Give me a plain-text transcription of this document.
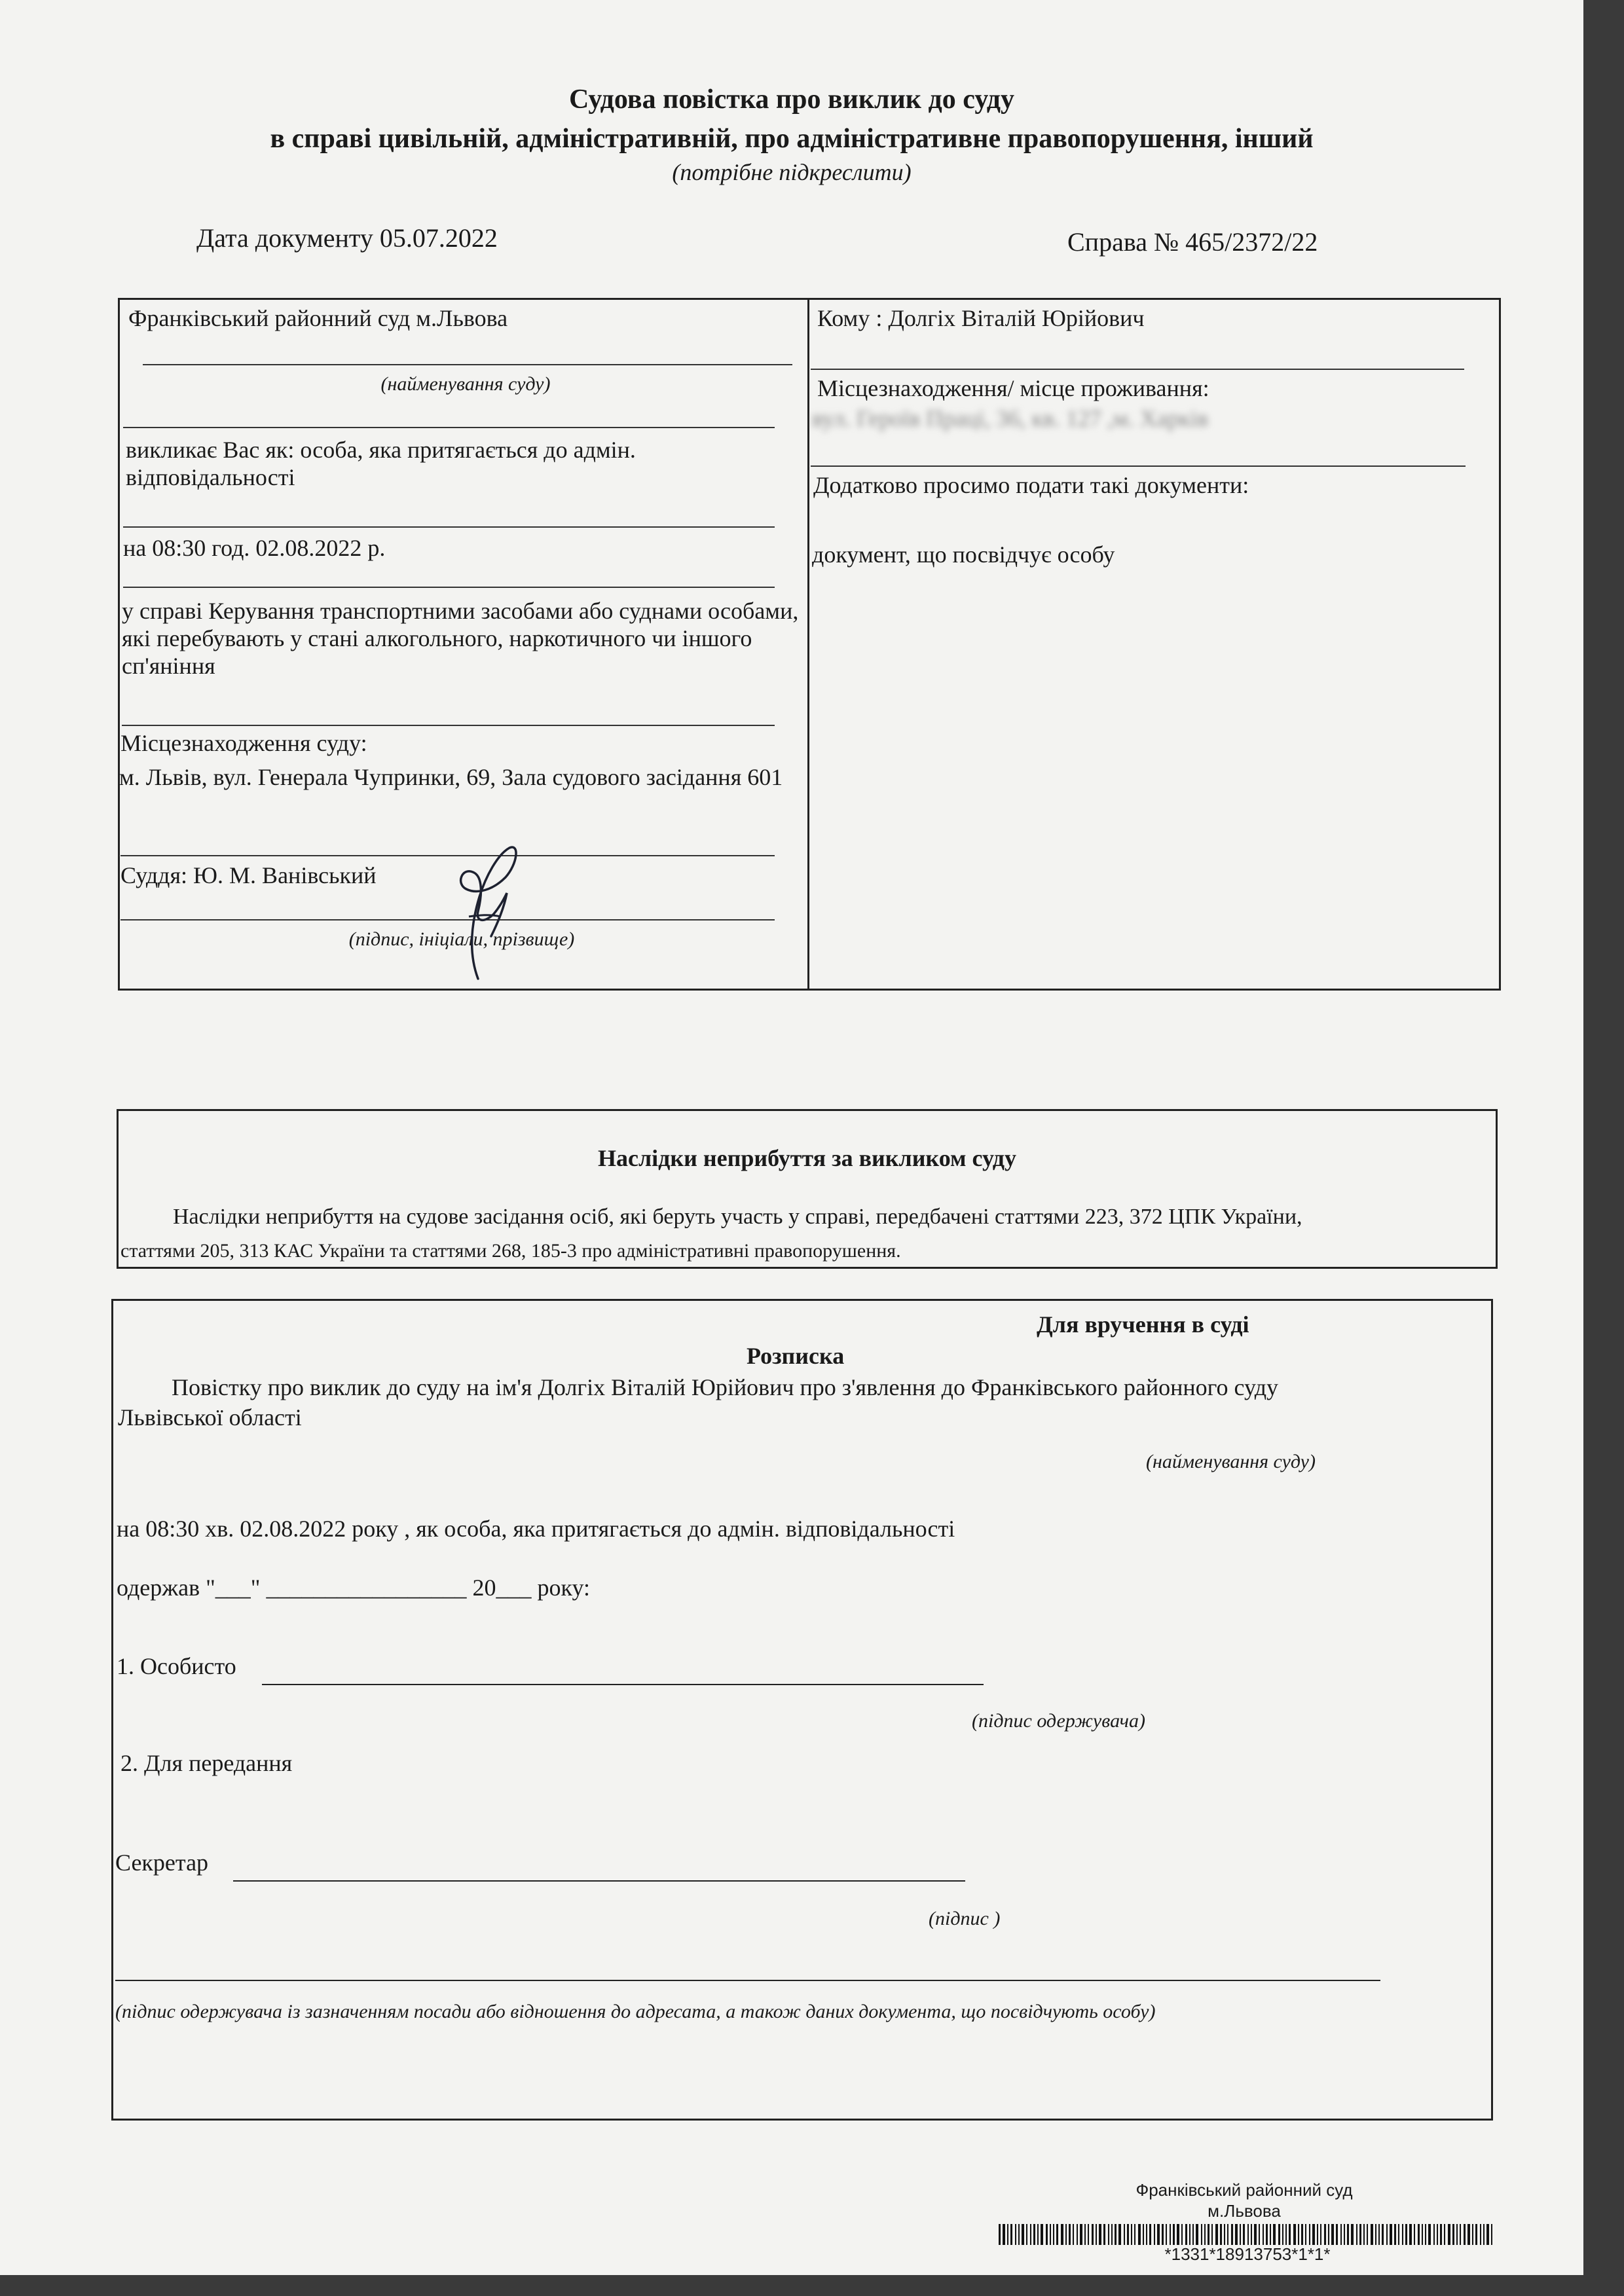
Судова повістка про виклик до суду
в справі цивільній, адміністративній, про адміністративне правопорушення, інший
(потрібне підкреслити)
Дата документу 05.07.2022	Справа № 465/2372/22
Франківський районний суд м.Львова
(найменування суду)
викликає Вас як: особа, яка притягається до адмін. відповідальності
на 08:30 год. 02.08.2022 р.
у справі Керування транспортними засобами або суднами особами, які перебувають у стані алкогольного, наркотичного чи іншого сп'яніння
Місцезнаходження суду:
м. Львів, вул. Генерала Чупринки, 69, Зала судового засідання 601
Суддя: Ю. М. Ванівський
(підпис, ініціали, прізвище)
Кому : Долгіх Віталій Юрійович
Місцезнаходження/ місце проживання:
вул. Героїв Праці, 36, кв. 127 ,м. Харків
Додатково просимо подати такі документи:
документ, що посвідчує особу
Наслідки неприбуття за викликом суду
Наслідки неприбуття на судове засідання осіб, які беруть участь у справі, передбачені статтями 223, 372 ЦПК України,
статтями 205, 313 КАС України та статтями 268, 185-3 про адміністративні правопорушення.
Для вручення в суді
Розписка
Повістку про виклик до суду на ім'я Долгіх Віталій Юрійович про з'явлення до Франківського районного суду
Львівської області
(найменування суду)
на 08:30 хв. 02.08.2022 року , як особа, яка притягається до адмін. відповідальності
одержав "___" _________________ 20___ року:
1. Особисто
(підпис одержувача)
2. Для передання
Секретар
(підпис )
(підпис одержувача із зазначенням посади або відношення до адресата, а також даних документа, що посвідчують особу)
Франківський районний суд
м.Львова
*1331*18913753*1*1*
